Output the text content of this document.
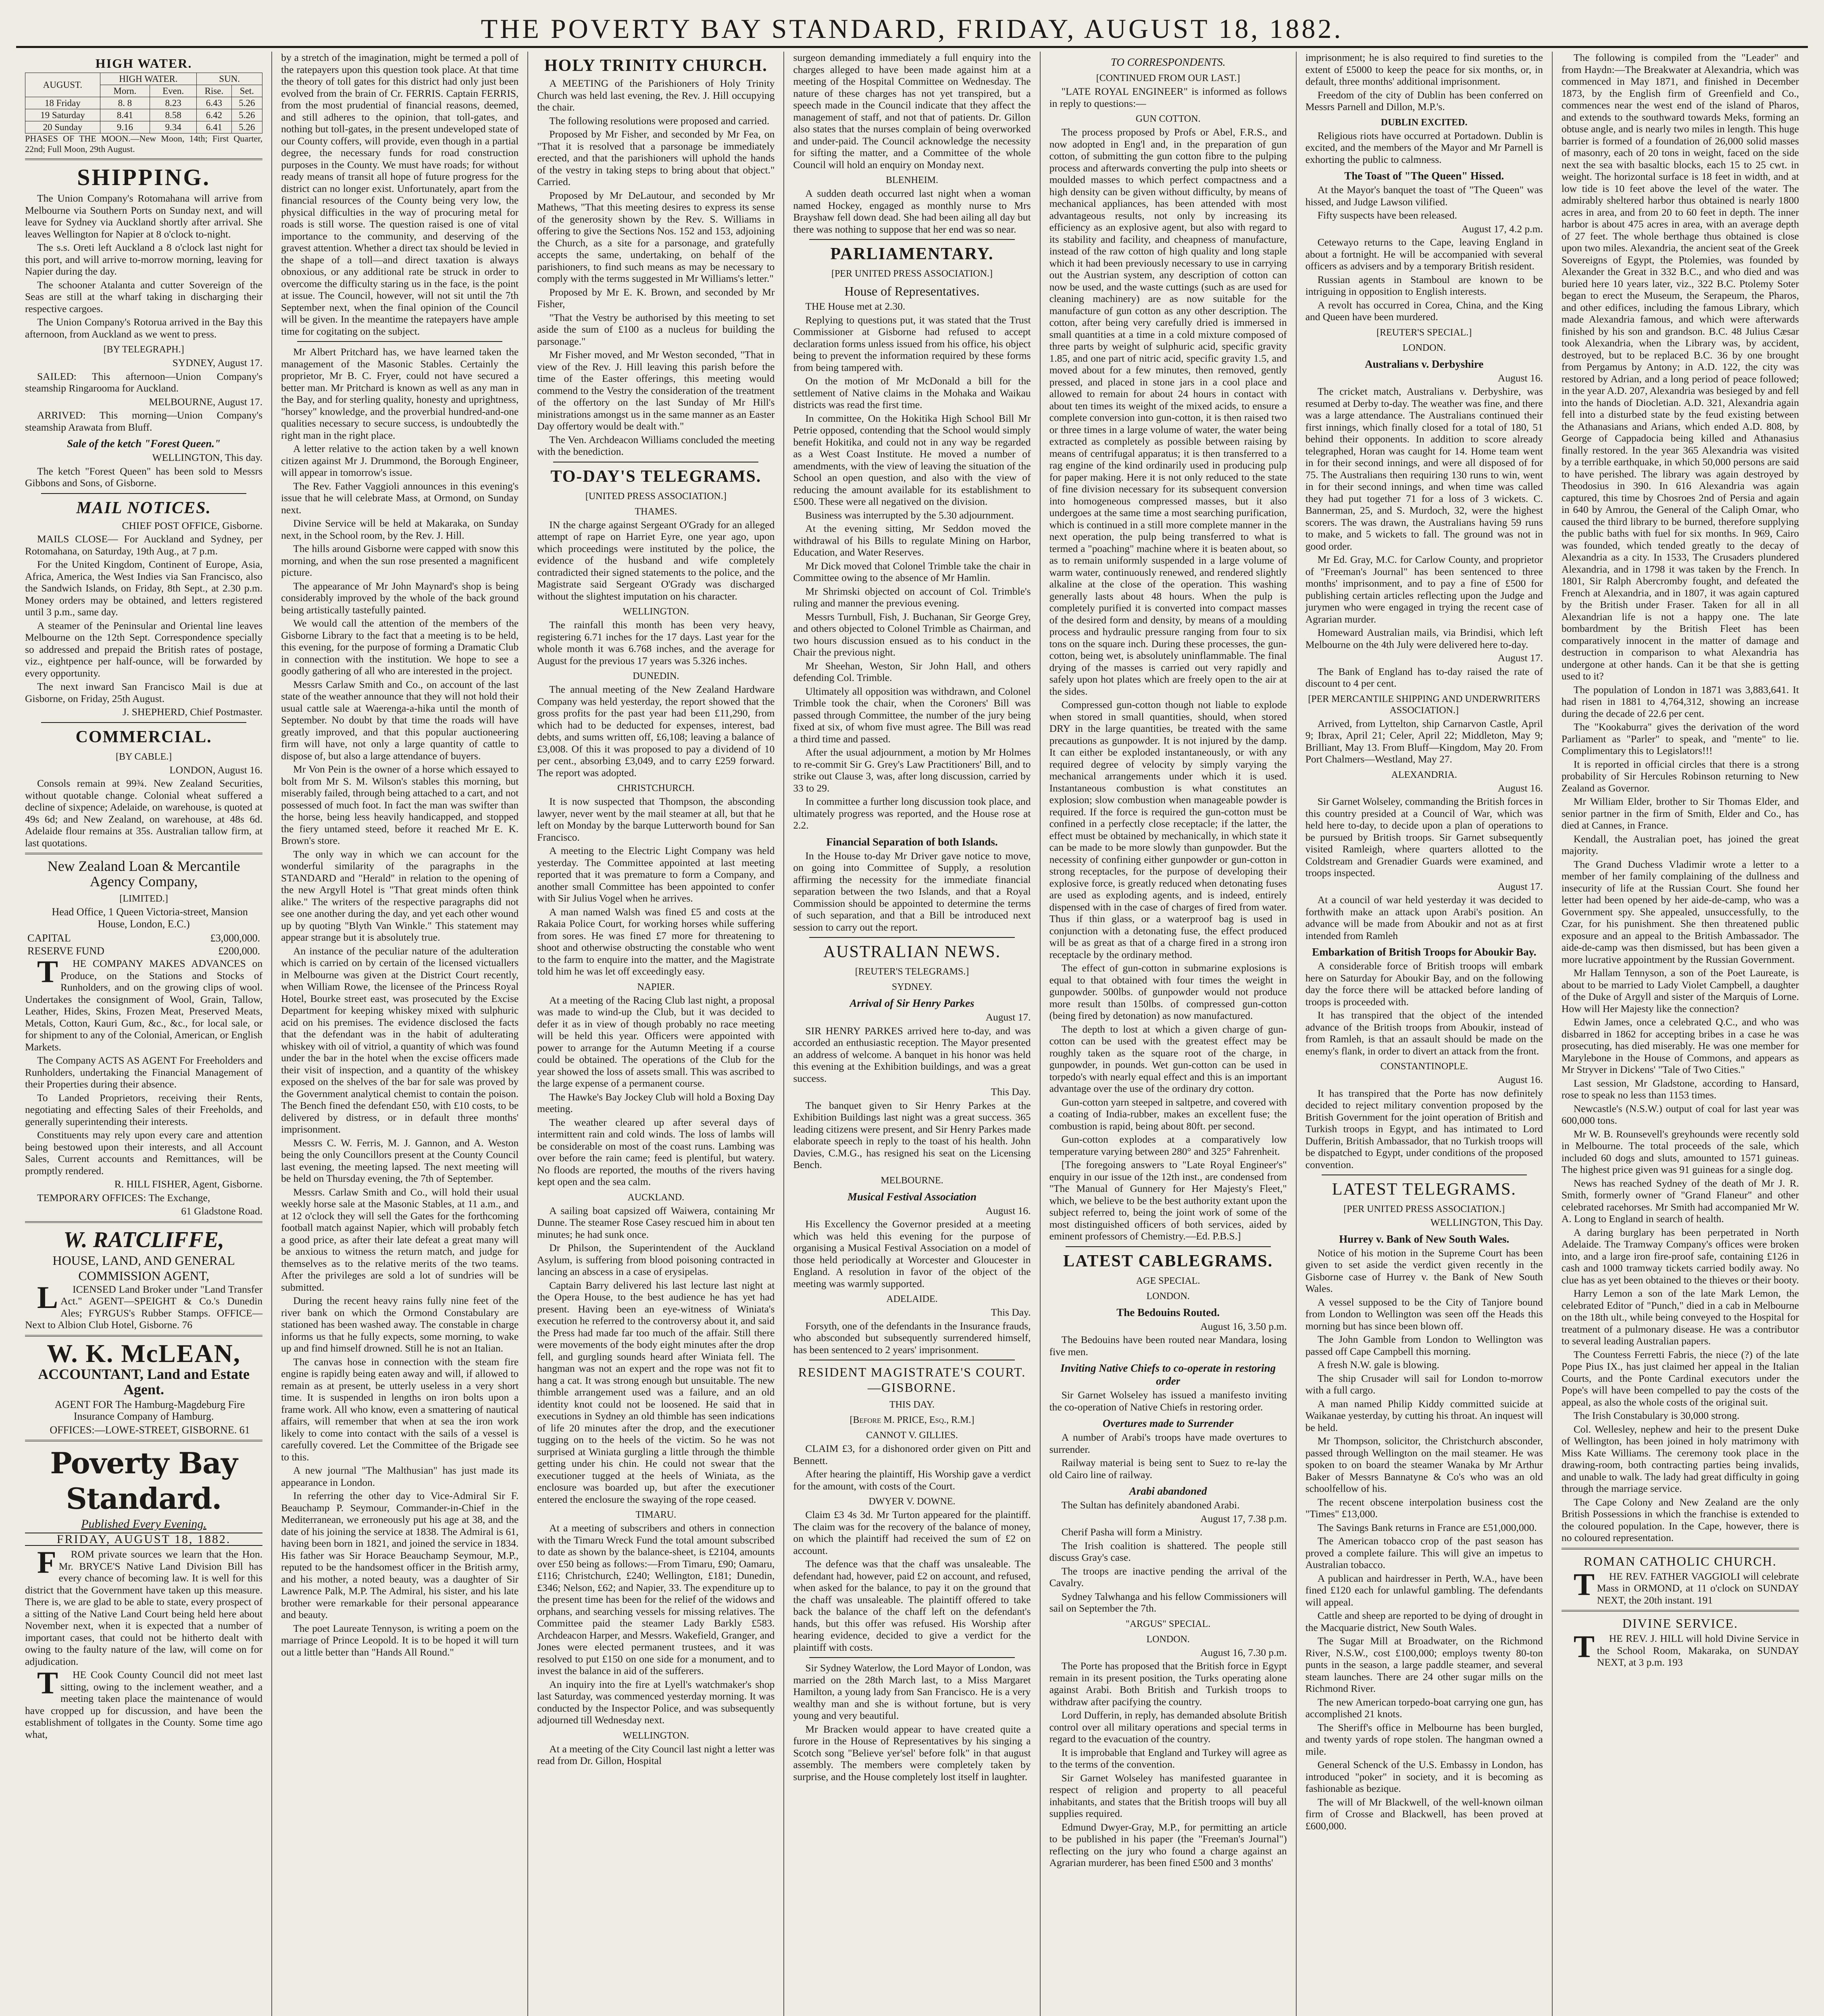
THE POVERTY BAY STANDARD, FRIDAY, AUGUST 18, 1882.
HIGH WATER.
AUGUST.	HIGH WATER.		SUN.	
	Morn.	Even.	Rise.	Set.
18 Friday	8. 8	8.23	6.43	5.26
19 Saturday	8.41	8.58	6.42	5.26
20 Sunday	9.16	9.34	6.41	5.26

PHASES OF THE MOON.—New Moon, 14th; First Quarter, 22nd; Full Moon, 29th August.

SHIPPING.

The Union Company's Rotomahana will arrive from Melbourne via Southern Ports on Sunday next, and will leave for Sydney via Auckland shortly after arrival. She leaves Wellington for Napier at 8 o'clock to-night.

The s.s. Oreti left Auckland a 8 o'clock last night for this port, and will arrive to-morrow morning, leaving for Napier during the day.

The schooner Atalanta and cutter Sovereign of the Seas are still at the wharf taking in discharging their respective cargoes.

The Union Company's Rotorua arrived in the Bay this afternoon, from Auckland as we went to press.

[BY TELEGRAPH.]

SYDNEY, August 17.

SAILED: This afternoon—Union Company's steamship Ringarooma for Auckland.

MELBOURNE, August 17.

ARRIVED: This morning—Union Company's steamship Arawata from Bluff.

Sale of the ketch "Forest Queen."

WELLINGTON, This day.

The ketch "Forest Queen" has been sold to Messrs Gibbons and Sons, of Gisborne.

MAIL NOTICES.

CHIEF POST OFFICE, Gisborne.

MAILS CLOSE— For Auckland and Sydney, per Rotomahana, on Saturday, 19th Aug., at 7 p.m.

For the United Kingdom, Continent of Europe, Asia, Africa, America, the West Indies via San Francisco, also the Sandwich Islands, on Friday, 8th Sept., at 2.30 p.m. Money orders may be obtained, and letters registered until 3 p.m., same day.

A steamer of the Peninsular and Oriental line leaves Melbourne on the 12th Sept. Correspondence specially so addressed and prepaid the British rates of postage, viz., eightpence per half-ounce, will be forwarded by every opportunity.

The next inward San Francisco Mail is due at Gisborne, on Friday, 25th August.

J. SHEPHERD, Chief Postmaster.

COMMERCIAL.
[BY CABLE.]

LONDON, August 16.

Consols remain at 99¾. New Zealand Securities, without quotable change. Colonial wheat suffered a decline of sixpence; Adelaide, on warehouse, is quoted at 49s 6d; and New Zealand, on warehouse, at 48s 6d. Adelaide flour remains at 35s. Australian tallow firm, at last quotations.

New Zealand Loan & Mercantile Agency Company,
[LIMITED.]

Head Office, 1 Queen Victoria-street, Mansion House, London, E.C.)

CAPITAL	£3,000,000.
RESERVE FUND	£200,000.

THE COMPANY MAKES ADVANCES on Produce, on the Stations and Stocks of Runholders, and on the growing clips of wool. Undertakes the consignment of Wool, Grain, Tallow, Leather, Hides, Skins, Frozen Meat, Preserved Meats, Metals, Cotton, Kauri Gum, &c., &c., for local sale, or for shipment to any of the Colonial, American, or English Markets.

The Company ACTS AS AGENT For Freeholders and Runholders, undertaking the Financial Management of their Properties during their absence.

To Landed Proprietors, receiving their Rents, negotiating and effecting Sales of their Freeholds, and generally superintending their interests.

Constituents may rely upon every care and attention being bestowed upon their interests, and all Account Sales, Current accounts and Remittances, will be promptly rendered.

R. HILL FISHER, Agent, Gisborne.

TEMPORARY OFFICES: The Exchange,

61 Gladstone Road.

W. RATCLIFFE,
HOUSE, LAND, AND GENERAL COMMISSION AGENT,

LICENSED Land Broker under "Land Transfer Act." AGENT—SPEIGHT & Co.'s Dunedin Ales; FYRGUS's Rubber Stamps. OFFICE—Next to Albion Club Hotel, Gisborne. 76

W. K. McLEAN,
ACCOUNTANT, Land and Estate Agent.

AGENT FOR The Hamburg-Magdeburg Fire Insurance Company of Hamburg.

OFFICES:—LOWE-STREET, GISBORNE. 61

Poverty Bay Standard.
Published Every Evening.
FRIDAY, AUGUST 18, 1882.

FROM private sources we learn that the Hon. Mr. BRYCE'S Native Land Division Bill has every chance of becoming law. It is well for this district that the Government have taken up this measure. There is, we are glad to be able to state, every prospect of a sitting of the Native Land Court being held here about November next, when it is expected that a number of important cases, that could not be hitherto dealt with owing to the faulty nature of the law, will come on for adjudication.

THE Cook County Council did not meet last sitting, owing to the inclement weather, and a meeting taken place the maintenance of would have cropped up for discussion, and have been the establishment of tollgates in the County. Some time ago what,

by a stretch of the imagination, might be termed a poll of the ratepayers upon this question took place. At that time the theory of toll gates for this district had only just been evolved from the brain of Cr. FERRIS. Captain FERRIS, from the most prudential of financial reasons, deemed, and still adheres to the opinion, that toll-gates, and nothing but toll-gates, in the present undeveloped state of our County coffers, will provide, even though in a partial degree, the necessary funds for road construction purposes in the County. We must have roads; for without ready means of transit all hope of future progress for the district can no longer exist. Unfortunately, apart from the financial resources of the County being very low, the physical difficulties in the way of procuring metal for roads is still worse. The question raised is one of vital importance to the community, and deserving of the gravest attention. Whether a direct tax should be levied in the shape of a toll—and direct taxation is always obnoxious, or any additional rate be struck in order to overcome the difficulty staring us in the face, is the point at issue. The Council, however, will not sit until the 7th September next, when the final opinion of the Council will be given. In the meantime the ratepayers have ample time for cogitating on the subject.

Mr Albert Pritchard has, we have learned taken the management of the Masonic Stables. Certainly the proprietor, Mr B. C. Fryer, could not have secured a better man. Mr Pritchard is known as well as any man in the Bay, and for sterling quality, honesty and uprightness, "horsey" knowledge, and the proverbial hundred-and-one qualities necessary to secure success, is undoubtedly the right man in the right place.

A letter relative to the action taken by a well known citizen against Mr J. Drummond, the Borough Engineer, will appear in tomorrow's issue.

The Rev. Father Vaggioli announces in this evening's issue that he will celebrate Mass, at Ormond, on Sunday next.

Divine Service will be held at Makaraka, on Sunday next, in the School room, by the Rev. J. Hill.

The hills around Gisborne were capped with snow this morning, and when the sun rose presented a magnificent picture.

The appearance of Mr John Maynard's shop is being considerably improved by the whole of the back ground being artistically tastefully painted.

We would call the attention of the members of the Gisborne Library to the fact that a meeting is to be held, this evening, for the purpose of forming a Dramatic Club in connection with the institution. We hope to see a goodly gathering of all who are interested in the project.

Messrs Carlaw Smith and Co., on account of the last state of the weather announce that they will not hold their usual cattle sale at Waerenga-a-hika until the month of September. No doubt by that time the roads will have greatly improved, and that this popular auctioneering firm will have, not only a large quantity of cattle to dispose of, but also a large attendance of buyers.

Mr Von Pein is the owner of a horse which essayed to bolt from Mr S. M. Wilson's stables this morning, but miserably failed, through being attached to a cart, and not possessed of much foot. In fact the man was swifter than the horse, being less heavily handicapped, and stopped the fiery untamed steed, before it reached Mr E. K. Brown's store.

The only way in which we can account for the wonderful similarity of the paragraphs in the STANDARD and "Herald" in relation to the opening of the new Argyll Hotel is "That great minds often think alike." The writers of the respective paragraphs did not see one another during the day, and yet each other wound up by quoting "Blyth Van Winkle." This statement may appear strange but it is absolutely true.

An instance of the peculiar nature of the adulteration which is carried on by certain of the licensed victuallers in Melbourne was given at the District Court recently, when William Rowe, the licensee of the Princess Royal Hotel, Bourke street east, was prosecuted by the Excise Department for keeping whiskey mixed with sulphuric acid on his premises. The evidence disclosed the facts that the defendant was in the habit of adulterating whiskey with oil of vitriol, a quantity of which was found under the bar in the hotel when the excise officers made their visit of inspection, and a quantity of the whiskey exposed on the shelves of the bar for sale was proved by the Government analytical chemist to contain the poison. The Bench fined the defendant £50, with £10 costs, to be delivered by distress, or in default three months' imprisonment.

Messrs C. W. Ferris, M. J. Gannon, and A. Weston being the only Councillors present at the County Council last evening, the meeting lapsed. The next meeting will be held on Thursday evening, the 7th of September.

Messrs. Carlaw Smith and Co., will hold their usual weekly horse sale at the Masonic Stables, at 11 a.m., and at 12 o'clock they will sell the Gates for the forthcoming football match against Napier, which will probably fetch a good price, as after their late defeat a great many will be anxious to witness the return match, and judge for themselves as to the relative merits of the two teams. After the privileges are sold a lot of sundries will be submitted.

During the recent heavy rains fully nine feet of the river bank on which the Ormond Constabulary are stationed has been washed away. The constable in charge informs us that he fully expects, some morning, to wake up and find himself drowned. Still he is not an Italian.

The canvas hose in connection with the steam fire engine is rapidly being eaten away and will, if allowed to remain as at present, be utterly useless in a very short time. It is suspended in lengths on iron bolts upon a frame work. All who know, even a smattering of nautical affairs, will remember that when at sea the iron work likely to come into contact with the sails of a vessel is carefully covered. Let the Committee of the Brigade see to this.

A new journal "The Malthusian" has just made its appearance in London.

In referring the other day to Vice-Admiral Sir F. Beauchamp P. Seymour, Commander-in-Chief in the Mediterranean, we erroneously put his age at 38, and the date of his joining the service at 1838. The Admiral is 61, having been born in 1821, and joined the service in 1834. His father was Sir Horace Beauchamp Seymour, M.P., reputed to be the handsomest officer in the British army, and his mother, a noted beauty, was a daughter of Sir Lawrence Palk, M.P. The Admiral, his sister, and his late brother were remarkable for their personal appearance and beauty.

The poet Laureate Tennyson, is writing a poem on the marriage of Prince Leopold. It is to be hoped it will turn out a little better than "Hands All Round."

HOLY TRINITY CHURCH.

A MEETING of the Parishioners of Holy Trinity Church was held last evening, the Rev. J. Hill occupying the chair.

The following resolutions were proposed and carried.

Proposed by Mr Fisher, and seconded by Mr Fea, on "That it is resolved that a parsonage be immediately erected, and that the parishioners will uphold the hands of the vestry in taking steps to bring about that object." Carried.

Proposed by Mr DeLautour, and seconded by Mr Mathews, "That this meeting desires to express its sense of the generosity shown by the Rev. S. Williams in offering to give the Sections Nos. 152 and 153, adjoining the Church, as a site for a parsonage, and gratefully accepts the same, undertaking, on behalf of the parishioners, to find such means as may be necessary to comply with the terms suggested in Mr Williams's letter."

Proposed by Mr E. K. Brown, and seconded by Mr Fisher,

"That the Vestry be authorised by this meeting to set aside the sum of £100 as a nucleus for building the parsonage."

Mr Fisher moved, and Mr Weston seconded, "That in view of the Rev. J. Hill leaving this parish before the time of the Easter offerings, this meeting would commend to the Vestry the consideration of the treatment of the offertory on the last Sunday of Mr Hill's ministrations amongst us in the same manner as an Easter Day offertory would be dealt with."

The Ven. Archdeacon Williams concluded the meeting with the benediction.

TO-DAY'S TELEGRAMS.
[UNITED PRESS ASSOCIATION.]
THAMES.

IN the charge against Sergeant O'Grady for an alleged attempt of rape on Harriet Eyre, one year ago, upon which proceedings were instituted by the police, the evidence of the husband and wife completely contradicted their signed statements to the police, and the Magistrate said Sergeant O'Grady was discharged without the slightest imputation on his character.

WELLINGTON.

The rainfall this month has been very heavy, registering 6.71 inches for the 17 days. Last year for the whole month it was 6.768 inches, and the average for August for the previous 17 years was 5.326 inches.

DUNEDIN.

The annual meeting of the New Zealand Hardware Company was held yesterday, the report showed that the gross profits for the past year had been £11,290, from which had to be deducted for expenses, interest, bad debts, and sums written off, £6,108; leaving a balance of £3,008. Of this it was proposed to pay a dividend of 10 per cent., absorbing £3,049, and to carry £259 forward. The report was adopted.

CHRISTCHURCH.

It is now suspected that Thompson, the absconding lawyer, never went by the mail steamer at all, but that he left on Monday by the barque Lutterworth bound for San Francisco.

A meeting to the Electric Light Company was held yesterday. The Committee appointed at last meeting reported that it was premature to form a Company, and another small Committee has been appointed to confer with Sir Julius Vogel when he arrives.

A man named Walsh was fined £5 and costs at the Rakaia Police Court, for working horses while suffering from sores. He was fined £7 more for threatening to shoot and otherwise obstructing the constable who went to the farm to enquire into the matter, and the Magistrate told him he was let off exceedingly easy.

NAPIER.

At a meeting of the Racing Club last night, a proposal was made to wind-up the Club, but it was decided to defer it as in view of though probably no race meeting will be held this year. Officers were appointed with power to arrange for the Autumn Meeting if a course could be obtained. The operations of the Club for the year showed the loss of assets small. This was ascribed to the large expense of a permanent course.

The Hawke's Bay Jockey Club will hold a Boxing Day meeting.

The weather cleared up after several days of intermittent rain and cold winds. The loss of lambs will be considerable on most of the coast runs. Lambing was over before the rain came; feed is plentiful, but watery. No floods are reported, the mouths of the rivers having kept open and the sea calm.

AUCKLAND.

A sailing boat capsized off Waiwera, containing Mr Dunne. The steamer Rose Casey rescued him in about ten minutes; he had sunk once.

Dr Philson, the Superintendent of the Auckland Asylum, is suffering from blood poisoning contracted in lancing an abscess in a case of erysipelas.

Captain Barry delivered his last lecture last night at the Opera House, to the best audience he has yet had present. Having been an eye-witness of Winiata's execution he referred to the controversy about it, and said the Press had made far too much of the affair. Still there were movements of the body eight minutes after the drop fell, and gurgling sounds heard after Winiata fell. The hangman was not an expert and the rope was not fit to hang a cat. It was strong enough but unsuitable. The new thimble arrangement used was a failure, and an old identity knot could not be loosened. He said that in executions in Sydney an old thimble has seen indications of life 20 minutes after the drop, and the executioner tugging on to the heels of the victim. So he was not surprised at Winiata gurgling a little through the thimble getting under his chin. He could not swear that the executioner tugged at the heels of Winiata, as the enclosure was boarded up, but after the executioner entered the enclosure the swaying of the rope ceased.

TIMARU.

At a meeting of subscribers and others in connection with the Timaru Wreck Fund the total amount subscribed to date as shown by the balance-sheet, is £2104, amounts over £50 being as follows:—From Timaru, £90; Oamaru, £116; Christchurch, £240; Wellington, £181; Dunedin, £346; Nelson, £62; and Napier, 33. The expenditure up to the present time has been for the relief of the widows and orphans, and searching vessels for missing relatives. The Committee paid the steamer Lady Barkly £583. Archdeacon Harper, and Messrs. Wakefield, Granger, and Jones were elected permanent trustees, and it was resolved to put £150 on one side for a monument, and to invest the balance in aid of the sufferers.

An inquiry into the fire at Lyell's watchmaker's shop last Saturday, was commenced yesterday morning. It was conducted by the Inspector Police, and was subsequently adjourned till Wednesday next.

WELLINGTON.

At a meeting of the City Council last night a letter was read from Dr. Gillon, Hospital

surgeon demanding immediately a full enquiry into the charges alleged to have been made against him at a meeting of the Hospital Committee on Wednesday. The nature of these charges has not yet transpired, but a speech made in the Council indicate that they affect the management of staff, and not that of patients. Dr. Gillon also states that the nurses complain of being overworked and under-paid. The Council acknowledge the necessity for sifting the matter, and a Committee of the whole Council will hold an enquiry on Monday next.

BLENHEIM.

A sudden death occurred last night when a woman named Hockey, engaged as monthly nurse to Mrs Brayshaw fell down dead. She had been ailing all day but there was nothing to suppose that her end was so near.

PARLIAMENTARY.
[PER UNITED PRESS ASSOCIATION.]
House of Representatives.

THE House met at 2.30.

Replying to questions put, it was stated that the Trust Commissioner at Gisborne had refused to accept declaration forms unless issued from his office, his object being to prevent the information required by these forms from being tampered with.

On the motion of Mr McDonald a bill for the settlement of Native claims in the Mohaka and Waikau districts was read the first time.

In committee, On the Hokitika High School Bill Mr Petrie opposed, contending that the School would simply benefit Hokitika, and could not in any way be regarded as a West Coast Institute. He moved a number of amendments, with the view of leaving the situation of the School an open question, and also with the view of reducing the amount available for its establishment to £500. These were all negatived on the division.

Business was interrupted by the 5.30 adjournment.

At the evening sitting, Mr Seddon moved the withdrawal of his Bills to regulate Mining on Harbor, Education, and Water Reserves.

Mr Dick moved that Colonel Trimble take the chair in Committee owing to the absence of Mr Hamlin.

Mr Shrimski objected on account of Col. Trimble's ruling and manner the previous evening.

Messrs Turnbull, Fish, J. Buchanan, Sir George Grey, and others objected to Colonel Trimble as Chairman, and two hours discussion ensued as to his conduct in the Chair the previous night.

Mr Sheehan, Weston, Sir John Hall, and others defending Col. Trimble.

Ultimately all opposition was withdrawn, and Colonel Trimble took the chair, when the Coroners' Bill was passed through Committee, the number of the jury being fixed at six, of whom five must agree. The Bill was read a third time and passed.

After the usual adjournment, a motion by Mr Holmes to re-commit Sir G. Grey's Law Practitioners' Bill, and to strike out Clause 3, was, after long discussion, carried by 33 to 29.

In committee a further long discussion took place, and ultimately progress was reported, and the House rose at 2.2.

Financial Separation of both Islands.

In the House to-day Mr Driver gave notice to move, on going into Committee of Supply, a resolution affirming the necessity for the immediate financial separation between the two Islands, and that a Royal Commission should be appointed to determine the terms of such separation, and that a Bill be introduced next session to carry out the report.

AUSTRALIAN NEWS.
[REUTER'S TELEGRAMS.]
SYDNEY.
Arrival of Sir Henry Parkes

August 17.

SIR HENRY PARKES arrived here to-day, and was accorded an enthusiastic reception. The Mayor presented an address of welcome. A banquet in his honor was held this evening at the Exhibition buildings, and was a great success.

This Day.

The banquet given to Sir Henry Parkes at the Exhibition Buildings last night was a great success. 365 leading citizens were present, and Sir Henry Parkes made elaborate speech in reply to the toast of his health. John Davies, C.M.G., has resigned his seat on the Licensing Bench.

MELBOURNE.
Musical Festival Association

August 16.

His Excellency the Governor presided at a meeting which was held this evening for the purpose of organising a Musical Festival Association on a model of those held periodically at Worcester and Gloucester in England. A resolution in favor of the object of the meeting was warmly supported.

ADELAIDE.

This Day.

Forsyth, one of the defendants in the Insurance frauds, who absconded but subsequently surrendered himself, has been sentenced to 2 years' imprisonment.

RESIDENT MAGISTRATE'S COURT.—GISBORNE.
THIS DAY.
[Before M. PRICE, Esq., R.M.]
CANNOT V. GILLIES.

CLAIM £3, for a dishonored order given on Pitt and Bennett.

After hearing the plaintiff, His Worship gave a verdict for the amount, with costs of the Court.

DWYER V. DOWNE.

Claim £3 4s 3d. Mr Turton appeared for the plaintiff. The claim was for the recovery of the balance of money, on which the plaintiff had received the sum of £2 on account.

The defence was that the chaff was unsaleable. The defendant had, however, paid £2 on account, and refused, when asked for the balance, to pay it on the ground that the chaff was unsaleable. The plaintiff offered to take back the balance of the chaff left on the defendant's hands, but this offer was refused. His Worship after hearing evidence, decided to give a verdict for the plaintiff with costs.

Sir Sydney Waterlow, the Lord Mayor of London, was married on the 28th March last, to a Miss Margaret Hamilton, a young lady from San Francisco. He is a very wealthy man and she is without fortune, but is very young and very beautiful.

Mr Bracken would appear to have created quite a furore in the House of Representatives by his singing a Scotch song "Believe yer'sel' before folk" in that august assembly. The members were completely taken by surprise, and the House completely lost itself in laughter.

TO CORRESPONDENTS.
[CONTINUED FROM OUR LAST.]

"LATE ROYAL ENGINEER" is informed as follows in reply to questions:—

GUN COTTON.

The process proposed by Profs or Abel, F.R.S., and now adopted in Eng'l and, in the preparation of gun cotton, of submitting the gun cotton fibre to the pulping process and afterwards converting the pulp into sheets or moulded masses to which perfect compactness and a high density can be given without difficulty, by means of mechanical appliances, has been attended with most advantageous results, not only by increasing its efficiency as an explosive agent, but also with regard to its stability and facility, and cheapness of manufacture, instead of the raw cotton of high quality and long staple which it had been previously necessary to use in carrying out the Austrian system, any description of cotton can now be used, and the waste cuttings (such as are used for cleaning machinery) are as now suitable for the manufacture of gun cotton as any other description. The cotton, after being very carefully dried is immersed in small quantities at a time in a cold mixture composed of three parts by weight of sulphuric acid, specific gravity 1.85, and one part of nitric acid, specific gravity 1.5, and moved about for a few minutes, then removed, gently pressed, and placed in stone jars in a cool place and allowed to remain for about 24 hours in contact with about ten times its weight of the mixed acids, to ensure a complete conversion into gun-cotton, it is then raised two or three times in a large volume of water, the water being extracted as completely as possible between raising by means of centrifugal apparatus; it is then transferred to a rag engine of the kind ordinarily used in producing pulp for paper making. Here it is not only reduced to the state of fine division necessary for its subsequent conversion into homogeneous compressed masses, but it also undergoes at the same time a most searching purification, which is continued in a still more complete manner in the next operation, the pulp being transferred to what is termed a "poaching" machine where it is beaten about, so as to remain uniformly suspended in a large volume of warm water, continuously renewed, and rendered slightly alkaline at the close of the operation. This washing generally lasts about 48 hours. When the pulp is completely purified it is converted into compact masses of the desired form and density, by means of a moulding process and hydraulic pressure ranging from four to six tons on the square inch. During these processes, the gun-cotton, being wet, is absolutely uninflammable. The final drying of the masses is carried out very rapidly and safely upon hot plates which are freely open to the air at the sides.

Compressed gun-cotton though not liable to explode when stored in small quantities, should, when stored DRY in the large quantities, be treated with the same precautions as gunpowder. It is not injured by the damp. It can either be exploded instantaneously, or with any required degree of velocity by simply varying the mechanical arrangements under which it is used. Instantaneous combustion is what constitutes an explosion; slow combustion when manageable powder is required. If the force is required the gun-cotton must be confined in a perfectly close receptacle; if the latter, the effect must be obtained by mechanically, in which state it can be made to be more slowly than gunpowder. But the necessity of confining either gunpowder or gun-cotton in strong receptacles, for the purpose of developing their explosive force, is greatly reduced when detonating fuses are used as exploding agents, and is indeed, entirely dispensed with in the case of charges of fired from water. Thus if thin glass, or a waterproof bag is used in conjunction with a detonating fuse, the effect produced will be as great as that of a charge fired in a strong iron receptacle by the ordinary method.

The effect of gun-cotton in submarine explosions is equal to that obtained with four times the weight in gunpowder. 500lbs. of gunpowder would not produce more result than 150lbs. of compressed gun-cotton (being fired by detonation) as now manufactured.

The depth to lost at which a given charge of gun-cotton can be used with the greatest effect may be roughly taken as the square root of the charge, in gunpowder, in pounds. Wet gun-cotton can be used in torpedo's with nearly equal effect and this is an important advantage over the use of the ordinary dry cotton.

Gun-cotton yarn steeped in saltpetre, and covered with a coating of India-rubber, makes an excellent fuse; the combustion is rapid, being about 80ft. per second.

Gun-cotton explodes at a comparatively low temperature varying between 280° and 325° Fahrenheit.

[The foregoing answers to "Late Royal Engineer's" enquiry in our issue of the 12th inst., are condensed from "The Manual of Gunnery for Her Majesty's Fleet," which, we believe to be the best authority extant upon the subject referred to, being the joint work of some of the most distinguished officers of both services, aided by eminent professors of Chemistry.—Ed. P.B.S.]

LATEST CABLEGRAMS.
AGE SPECIAL.
LONDON.
The Bedouins Routed.

August 16, 3.50 p.m.

The Bedouins have been routed near Mandara, losing five men.

Inviting Native Chiefs to co-operate in restoring order

Sir Garnet Wolseley has issued a manifesto inviting the co-operation of Native Chiefs in restoring order.

Overtures made to Surrender

A number of Arabi's troops have made overtures to surrender.

Railway material is being sent to Suez to re-lay the old Cairo line of railway.

Arabi abandoned

The Sultan has definitely abandoned Arabi.

August 17, 7.38 p.m.

Cherif Pasha will form a Ministry.

The Irish coalition is shattered. The people still discuss Gray's case.

The troops are inactive pending the arrival of the Cavalry.

Sydney Talwhanga and his fellow Commissioners will sail on September the 7th.

"ARGUS" SPECIAL.
LONDON.

August 16, 7.30 p.m.

The Porte has proposed that the British force in Egypt remain in its present position, the Turks operating alone against Arabi. Both British and Turkish troops to withdraw after pacifying the country.

Lord Dufferin, in reply, has demanded absolute British control over all military operations and special terms in regard to the evacuation of the country.

It is improbable that England and Turkey will agree as to the terms of the convention.

Sir Garnet Wolseley has manifested guarantee in respect of religion and property to all peaceful inhabitants, and states that the British troops will buy all supplies required.

Edmund Dwyer-Gray, M.P., for permitting an article to be published in his paper (the "Freeman's Journal") reflecting on the jury who found a charge against an Agrarian murderer, has been fined £500 and 3 months'

imprisonment; he is also required to find sureties to the extent of £5000 to keep the peace for six months, or, in default, three months' additional imprisonment.

Freedom of the city of Dublin has been conferred on Messrs Parnell and Dillon, M.P.'s.

DUBLIN EXCITED.

Religious riots have occurred at Portadown. Dublin is excited, and the members of the Mayor and Mr Parnell is exhorting the public to calmness.

The Toast of "The Queen" Hissed.

At the Mayor's banquet the toast of "The Queen" was hissed, and Judge Lawson vilified.

Fifty suspects have been released.

August 17, 4.2 p.m.

Cetewayo returns to the Cape, leaving England in about a fortnight. He will be accompanied with several officers as advisers and by a temporary British resident.

Russian agents in Stamboul are known to be intriguing in opposition to English interests.

A revolt has occurred in Corea, China, and the King and Queen have been murdered.

[REUTER'S SPECIAL.]
LONDON.
Australians v. Derbyshire

August 16.

The cricket match, Australians v. Derbyshire, was resumed at Derby to-day. The weather was fine, and there was a large attendance. The Australians continued their first innings, which finally closed for a total of 180, 51 behind their opponents. In addition to score already telegraphed, Horan was caught for 14. Home team went in for their second innings, and were all disposed of for 75. The Australians then requiring 130 runs to win, went in for their second innings, and when time was called they had put together 71 for a loss of 3 wickets. C. Bannerman, 25, and S. Murdoch, 32, were the highest scorers. The was drawn, the Australians having 59 runs to make, and 5 wickets to fall. The ground was not in good order.

Mr Ed. Gray, M.C. for Carlow County, and proprietor of "Freeman's Journal" has been sentenced to three months' imprisonment, and to pay a fine of £500 for publishing certain articles reflecting upon the Judge and jurymen who were engaged in trying the recent case of Agrarian murder.

Homeward Australian mails, via Brindisi, which left Melbourne on the 4th July were delivered here to-day.

August 17.

The Bank of England has to-day raised the rate of discount to 4 per cent.

[PER MERCANTILE SHIPPING AND UNDERWRITERS ASSOCIATION.]

Arrived, from Lyttelton, ship Carnarvon Castle, April 9; Ibrax, April 21; Celer, April 22; Middleton, May 9; Brilliant, May 13. From Bluff—Kingdom, May 20. From Port Chalmers—Westland, May 27.

ALEXANDRIA.

August 16.

Sir Garnet Wolseley, commanding the British forces in this country presided at a Council of War, which was held here to-day, to decide upon a plan of operations to be pursued by British troops. Sir Garnet subsequently visited Ramleigh, where quarters allotted to the Coldstream and Grenadier Guards were examined, and troops inspected.

August 17.

At a council of war held yesterday it was decided to forthwith make an attack upon Arabi's position. An advance will be made from Aboukir and not as at first intended from Ramleh

Embarkation of British Troops for Aboukir Bay.

A considerable force of British troops will embark here on Saturday for Aboukir Bay, and on the following day the force there will be attacked before landing of troops is proceeded with.

It has transpired that the object of the intended advance of the British troops from Aboukir, instead of from Ramleh, is that an assault should be made on the enemy's flank, in order to divert an attack from the front.

CONSTANTINOPLE.

August 16.

It has transpired that the Porte has now definitely decided to reject military convention proposed by the British Government for the joint operation of British and Turkish troops in Egypt, and has intimated to Lord Dufferin, British Ambassador, that no Turkish troops will be dispatched to Egypt, under conditions of the proposed convention.

LATEST TELEGRAMS.
[PER UNITED PRESS ASSOCIATION.]

WELLINGTON, This Day.

Hurrey v. Bank of New South Wales.

Notice of his motion in the Supreme Court has been given to set aside the verdict given recently in the Gisborne case of Hurrey v. the Bank of New South Wales.

A vessel supposed to be the City of Tanjore bound from London to Wellington was seen off the Heads this morning but has since been blown off.

The John Gamble from London to Wellington was passed off Cape Campbell this morning.

A fresh N.W. gale is blowing.

The ship Crusader will sail for London to-morrow with a full cargo.

A man named Philip Kiddy committed suicide at Waikanae yesterday, by cutting his throat. An inquest will be held.

Mr Thompson, solicitor, the Christchurch absconder, passed through Wellington on the mail steamer. He was spoken to on board the steamer Wanaka by Mr Arthur Baker of Messrs Bannatyne & Co's who was an old schoolfellow of his.

The recent obscene interpolation business cost the "Times" £13,000.

The Savings Bank returns in France are £51,000,000.

The American tobacco crop of the past season has proved a complete failure. This will give an impetus to Australian tobacco.

A publican and hairdresser in Perth, W.A., have been fined £120 each for unlawful gambling. The defendants will appeal.

Cattle and sheep are reported to be dying of drought in the Macquarie district, New South Wales.

The Sugar Mill at Broadwater, on the Richmond River, N.S.W., cost £100,000; employs twenty 80-ton punts in the season, a large paddle steamer, and several steam launches. There are 24 other sugar mills on the Richmond River.

The new American torpedo-boat carrying one gun, has accomplished 21 knots.

The Sheriff's office in Melbourne has been burgled, and twenty yards of rope stolen. The hangman owned a mile.

General Schenck of the U.S. Embassy in London, has introduced "poker" in society, and it is becoming as fashionable as bezique.

The will of Mr Blackwell, of the well-known oilman firm of Crosse and Blackwell, has been proved at £600,000.

The following is compiled from the "Leader" and from Haydn:—The Breakwater at Alexandria, which was commenced in May 1871, and finished in December 1873, by the English firm of Greenfield and Co., commences near the west end of the island of Pharos, and extends to the southward towards Meks, forming an obtuse angle, and is nearly two miles in length. This huge barrier is formed of a foundation of 26,000 solid masses of masonry, each of 20 tons in weight, faced on the side next the sea with basaltic blocks, each 15 to 25 cwt. in weight. The horizontal surface is 18 feet in width, and at low tide is 10 feet above the level of the water. The admirably sheltered harbor thus obtained is nearly 1800 acres in area, and from 20 to 60 feet in depth. The inner harbor is about 475 acres in area, with an average depth of 27 feet. The whole berthage thus obtained is close upon two miles. Alexandria, the ancient seat of the Greek Sovereigns of Egypt, the Ptolemies, was founded by Alexander the Great in 332 B.C., and who died and was buried here 10 years later, viz., 322 B.C. Ptolemy Soter began to erect the Museum, the Serapeum, the Pharos, and other edifices, including the famous Library, which made Alexandria famous, and which were afterwards finished by his son and grandson. B.C. 48 Julius Cæsar took Alexandria, when the Library was, by accident, destroyed, but to be replaced B.C. 36 by one brought from Pergamus by Antony; in A.D. 122, the city was restored by Adrian, and a long period of peace followed; in the year A.D. 207, Alexandria was besieged by and fell into the hands of Diocletian. A.D. 321, Alexandria again fell into a disturbed state by the feud existing between the Athanasians and Arians, which ended A.D. 808, by George of Cappadocia being killed and Athanasius finally restored. In the year 365 Alexandria was visited by a terrible earthquake, in which 50,000 persons are said to have perished. The library was again destroyed by Theodosius in 390. In 616 Alexandria was again captured, this time by Chosroes 2nd of Persia and again in 640 by Amrou, the General of the Caliph Omar, who caused the third library to be burned, therefore supplying the public baths with fuel for six months. In 969, Cairo was founded, which tended greatly to the decay of Alexandria as a city. In 1533, The Crusaders plundered Alexandria, and in 1798 it was taken by the French. In 1801, Sir Ralph Abercromby fought, and defeated the French at Alexandria, and in 1807, it was again captured by the British under Fraser. Taken for all in all Alexandrian life is not a happy one. The late bombardment by the British Fleet has been comparatively innocent in the matter of damage and destruction in comparison to what Alexandria has undergone at other hands. Can it be that she is getting used to it?

The population of London in 1871 was 3,883,641. It had risen in 1881 to 4,764,312, showing an increase during the decade of 22.6 per cent.

The "Kookaburra" gives the derivation of the word Parliament as "Parler" to speak, and "mente" to lie. Complimentary this to Legislators!!!

It is reported in official circles that there is a strong probability of Sir Hercules Robinson returning to New Zealand as Governor.

Mr William Elder, brother to Sir Thomas Elder, and senior partner in the firm of Smith, Elder and Co., has died at Cannes, in France.

Kendall, the Australian poet, has joined the great majority.

The Grand Duchess Vladimir wrote a letter to a member of her family complaining of the dullness and insecurity of life at the Russian Court. She found her letter had been opened by her aide-de-camp, who was a Government spy. She appealed, unsuccessfully, to the Czar, for his punishment. She then threatened public exposure and an appeal to the British Ambassador. The aide-de-camp was then dismissed, but has been given a more lucrative appointment by the Russian Government.

Mr Hallam Tennyson, a son of the Poet Laureate, is about to be married to Lady Violet Campbell, a daughter of the Duke of Argyll and sister of the Marquis of Lorne. How will Her Majesty like the connection?

Edwin James, once a celebrated Q.C., and who was disbarred in 1862 for accepting bribes in a case he was prosecuting, has died miserably. He was one member for Marylebone in the House of Commons, and appears as Mr Stryver in Dickens' "Tale of Two Cities."

Last session, Mr Gladstone, according to Hansard, rose to speak no less than 1153 times.

Newcastle's (N.S.W.) output of coal for last year was 600,000 tons.

Mr W. B. Rounsevell's greyhounds were recently sold in Melbourne. The total proceeds of the sale, which included 60 dogs and sluts, amounted to 1571 guineas. The highest price given was 91 guineas for a single dog.

News has reached Sydney of the death of Mr J. R. Smith, formerly owner of "Grand Flaneur" and other celebrated racehorses. Mr Smith had accompanied Mr W. A. Long to England in search of health.

A daring burglary has been perpetrated in North Adelaide. The Tramway Company's offices were broken into, and a large iron fire-proof safe, containing £126 in cash and 1000 tramway tickets carried bodily away. No clue has as yet been obtained to the thieves or their booty.

Harry Lemon a son of the late Mark Lemon, the celebrated Editor of "Punch," died in a cab in Melbourne on the 18th ult., while being conveyed to the Hospital for treatment of a pulmonary disease. He was a contributor to several leading Australian papers.

The Countess Ferretti Fabris, the niece (?) of the late Pope Pius IX., has just claimed her appeal in the Italian Courts, and the Ponte Cardinal executors under the Pope's will have been compelled to pay the costs of the appeal, as also the whole costs of the original suit.

The Irish Constabulary is 30,000 strong.

Col. Wellesley, nephew and heir to the present Duke of Wellington, has been joined in holy matrimony with Miss Kate Williams. The ceremony took place in the drawing-room, both contracting parties being invalids, and unable to walk. The lady had great difficulty in going through the marriage service.

The Cape Colony and New Zealand are the only British Possessions in which the franchise is extended to the coloured population. In the Cape, however, there is no coloured representation.

ROMAN CATHOLIC CHURCH.

THE REV. FATHER VAGGIOLI will celebrate Mass in ORMOND, at 11 o'clock on SUNDAY NEXT, the 20th instant. 191

DIVINE SERVICE.

THE REV. J. HILL will hold Divine Service in the School Room, Makaraka, on SUNDAY NEXT, at 3 p.m. 193
